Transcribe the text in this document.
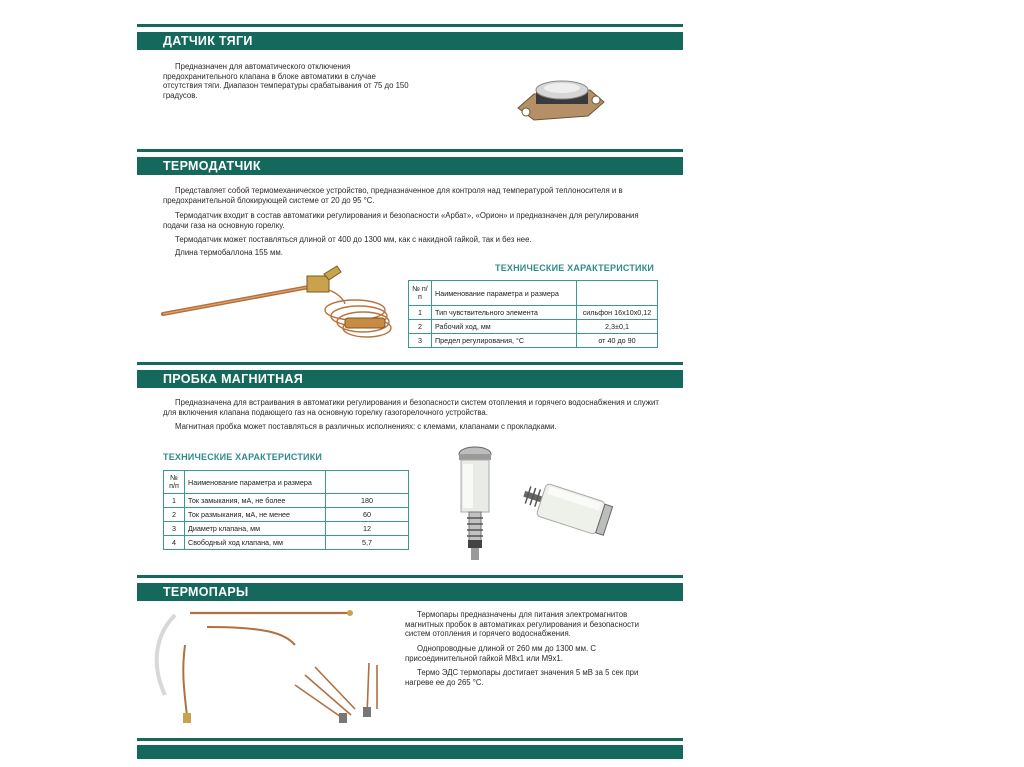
ДАТЧИК ТЯГИ

Предназначен для автоматического отключения предохранительного клапана в блоке автоматики в случае отсутствия тяги. Диапазон температуры срабатывания от 75 до 150 градусов.

ТЕРМОДАТЧИК

Представляет собой термомеханическое устройство, предназначенное для контроля над температурой теплоносителя и в предохранительной блокирующей системе от 20 до 95 °С.

Термодатчик входит в состав автоматики регулирования и безопасности «Арбат», «Орион» и предназначен для регулирования подачи газа на основную горелку.

Термодатчик может поставляться длиной от 400 до 1300 мм, как с накидной гайкой, так и без нее.

Длина термобаллона 155 мм.

ТЕХНИЧЕСКИЕ ХАРАКТЕРИСТИКИ
№ п/п	Наименование параметра и размера	
1	Тип чувствительного элемента	сильфон 16х10х0,12
2	Рабочий ход, мм	2,3±0,1
3	Предел регулирования, °С	от 40 до 90
ПРОБКА МАГНИТНАЯ

Предназначена для встраивания в автоматики регулирования и безопасности систем отопления и горячего водоснабжения и служит для включения клапана подающего газ на основную горелку газогорелочного устройства.

Магнитная пробка может поставляться в различных исполнениях: с клемами, клапанами с прокладками.

ТЕХНИЧЕСКИЕ ХАРАКТЕРИСТИКИ
№ п/п	Наименование параметра и размера	
1	Ток замыкания, мА, не более	180
2	Ток размыкания, мА, не менее	60
3	Диаметр клапана, мм	12
4	Свободный ход клапана, мм	5,7
ТЕРМОПАРЫ

Термопары предназначены для питания электромагнитов магнитных пробок в автоматиках регулирования и безопасности систем отопления и горячего водоснабжения.

Однопроводные длиной от 260 мм до 1300 мм. С присоединительной гайкой М8х1 или М9х1.

Термо ЭДС термопары достигает значения 5 мВ за 5 сек при нагреве ее до 265 °С.
